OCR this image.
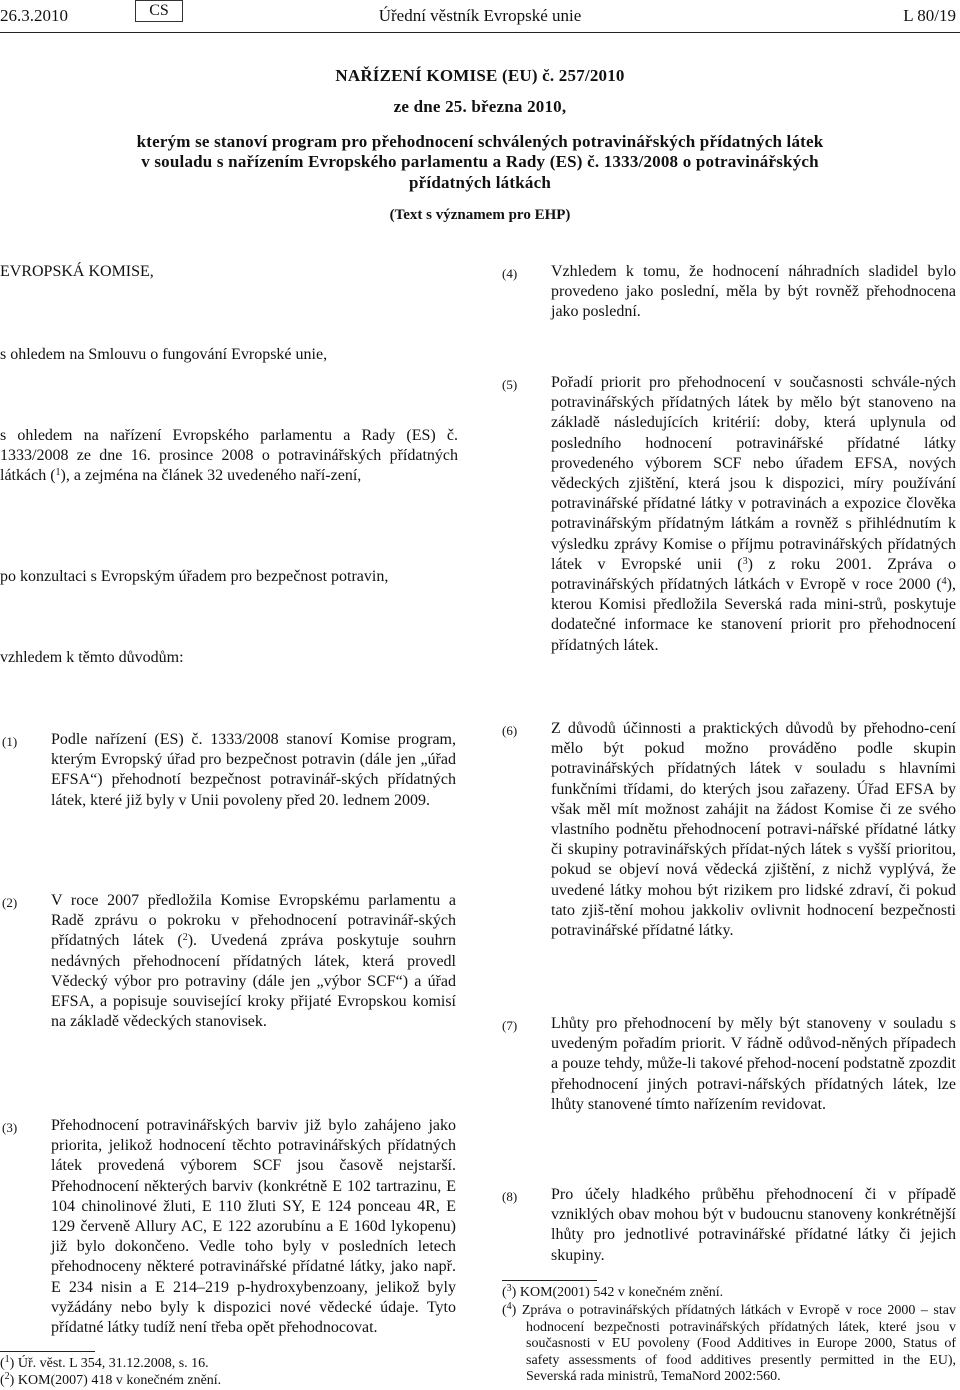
26.3.2010	CS	Úřední věstník Evropské unie	L 80/19
NAŘÍZENÍ KOMISE (EU) č. 257/2010
ze dne 25. března 2010,
kterým se stanoví program pro přehodnocení schválených potravinářských přídatných látek
v souladu s nařízením Evropského parlamentu a Rady (ES) č. 1333/2008 o potravinářských
přídatných látkách
(Text s významem pro EHP)
EVROPSKÁ KOMISE,
s ohledem na Smlouvu o fungování Evropské unie,
s ohledem na nařízení Evropského parlamentu a Rady (ES) č. 1333/2008 ze dne 16. prosince 2008 o potravinářských přídatných látkách ($^1$), a zejména na článek 32 uvedeného naří-zení,
po konzultaci s Evropským úřadem pro bezpečnost potravin,
vzhledem k těmto důvodům:
(4) Vzhledem k tomu, že hodnocení náhradních sladidel bylo provedeno jako poslední, měla by být rovněž přehodnocena jako poslední.
(5) Pořadí priorit pro přehodnocení v současnosti schvále-ných potravinářských přídatných látek by mělo být stanoveno na základě následujících kritérií: doby, která uplynula od posledního hodnocení potravinářské přídatné látky provedeného výborem SCF nebo úřadem EFSA, nových vědeckých zjištění, která jsou k dispozici, míry používání potravinářské přídatné látky v potravinách a expozice člověka potravinářským přídatným látkám a rovněž s přihlédnutím k výsledku zprávy Komise o příjmu potravinářských přídatných látek v Evropské unii ($^3$) z roku 2001. Zpráva o potravinářských přídatných látkách v Evropě v roce 2000 ($^4$), kterou Komisi předložila Severská rada mini-strů, poskytuje dodatečné informace ke stanovení priorit pro přehodnocení přídatných látek.
(1) Podle nařízení (ES) č. 1333/2008 stanoví Komise program, kterým Evropský úřad pro bezpečnost potravin (dále jen „úřad EFSA“) přehodnotí bezpečnost potravinář-ských přídatných látek, které již byly v Unii povoleny před 20. lednem 2009.
(2) V roce 2007 předložila Komise Evropskému parlamentu a Radě zprávu o pokroku v přehodnocení potravinář-ských přídatných látek ($^2$). Uvedená zpráva poskytuje souhrn nedávných přehodnocení přídatných látek, která provedl Vědecký výbor pro potraviny (dále jen „výbor SCF“) a úřad EFSA, a popisuje související kroky přijaté Evropskou komisí na základě vědeckých stanovisek.
(3) Přehodnocení potravinářských barviv již bylo zahájeno jako priorita, jelikož hodnocení těchto potravinářských přídatných látek provedená výborem SCF jsou časově nejstarší. Přehodnocení některých barviv (konkrétně E 102 tartrazinu, E 104 chinolinové žluti, E 110 žluti SY, E 124 ponceau 4R, E 129 červeně Allury AC, E 122 azorubínu a E 160d lykopenu) již bylo dokončeno. Vedle toho byly v posledních letech přehodnoceny některé potravinářské přídatné látky, jako např. E 234 nisin a E 214–219 p-hydroxybenzoany, jelikož byly vyžádány nebo byly k dispozici nové vědecké údaje. Tyto přídatné látky tudíž není třeba opět přehodnocovat.
(6) Z důvodů účinnosti a praktických důvodů by přehodno-cení mělo být pokud možno prováděno podle skupin potravinářských přídatných látek v souladu s hlavními funkčními třídami, do kterých jsou zařazeny. Úřad EFSA by však měl mít možnost zahájit na žádost Komise či ze svého vlastního podnětu přehodnocení potravi-nářské přídatné látky či skupiny potravinářských přídat-ných látek s vyšší prioritou, pokud se objeví nová vědecká zjištění, z nichž vyplývá, že uvedené látky mohou být rizikem pro lidské zdraví, či pokud tato zjiš-tění mohou jakkoliv ovlivnit hodnocení bezpečnosti potravinářské přídatné látky.
(7) Lhůty pro přehodnocení by měly být stanoveny v souladu s uvedeným pořadím priorit. V řádně odůvod-něných případech a pouze tehdy, může-li takové přehod-nocení podstatně zpozdit přehodnocení jiných potravi-nářských přídatných látek, lze lhůty stanovené tímto nařízením revidovat.
(8) Pro účely hladkého průběhu přehodnocení či v případě vzniklých obav mohou být v budoucnu stanoveny konkrétnější lhůty pro jednotlivé potravinářské přídatné látky či jejich skupiny.
($^1$) Úř. věst. L 354, 31.12.2008, s. 16.
($^2$) KOM(2007) 418 v konečném znění.
($^3$) KOM(2001) 542 v konečném znění.
($^4$) Zpráva o potravinářských přídatných látkách v Evropě v roce 2000 – stav hodnocení bezpečnosti potravinářských přídatných látek, které jsou v současnosti v EU povoleny (Food Additives in Europe 2000, Status of safety assessments of food additives presently permitted in the EU), Severská rada ministrů, TemaNord 2002:560.
